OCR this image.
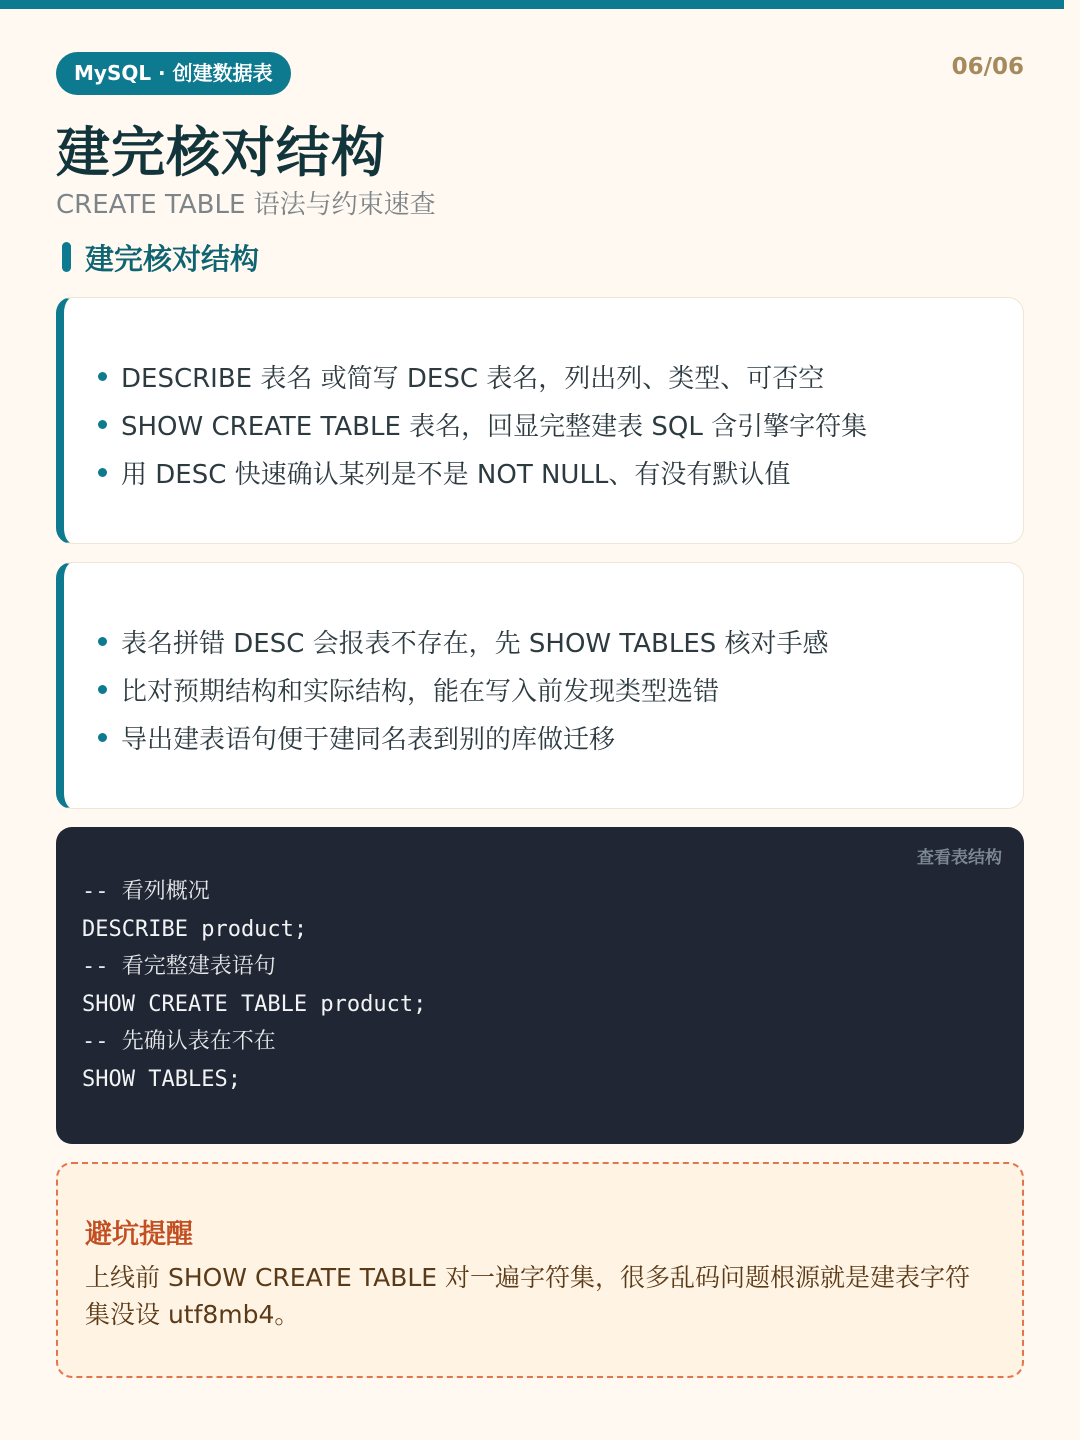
MySQL · 创建数据表	06/06
建完核对结构
CREATE TABLE 语法与约束速查
建完核对结构
DESCRIBE 表名 或简写 DESC 表名，列出列、类型、可否空
SHOW CREATE TABLE 表名，回显完整建表 SQL 含引擎字符集
用 DESC 快速确认某列是不是 NOT NULL、有没有默认值
表名拼错 DESC 会报表不存在，先 SHOW TABLES 核对手感
比对预期结构和实际结构，能在写入前发现类型选错
导出建表语句便于建同名表到别的库做迁移
查看表结构
-- 看列概况
DESCRIBE product;
-- 看完整建表语句
SHOW CREATE TABLE product;
-- 先确认表在不在
SHOW TABLES;
避坑提醒
上线前 SHOW CREATE TABLE 对一遍字符集，很多乱码问题根源就是建表字符集没设 utf8mb4。
